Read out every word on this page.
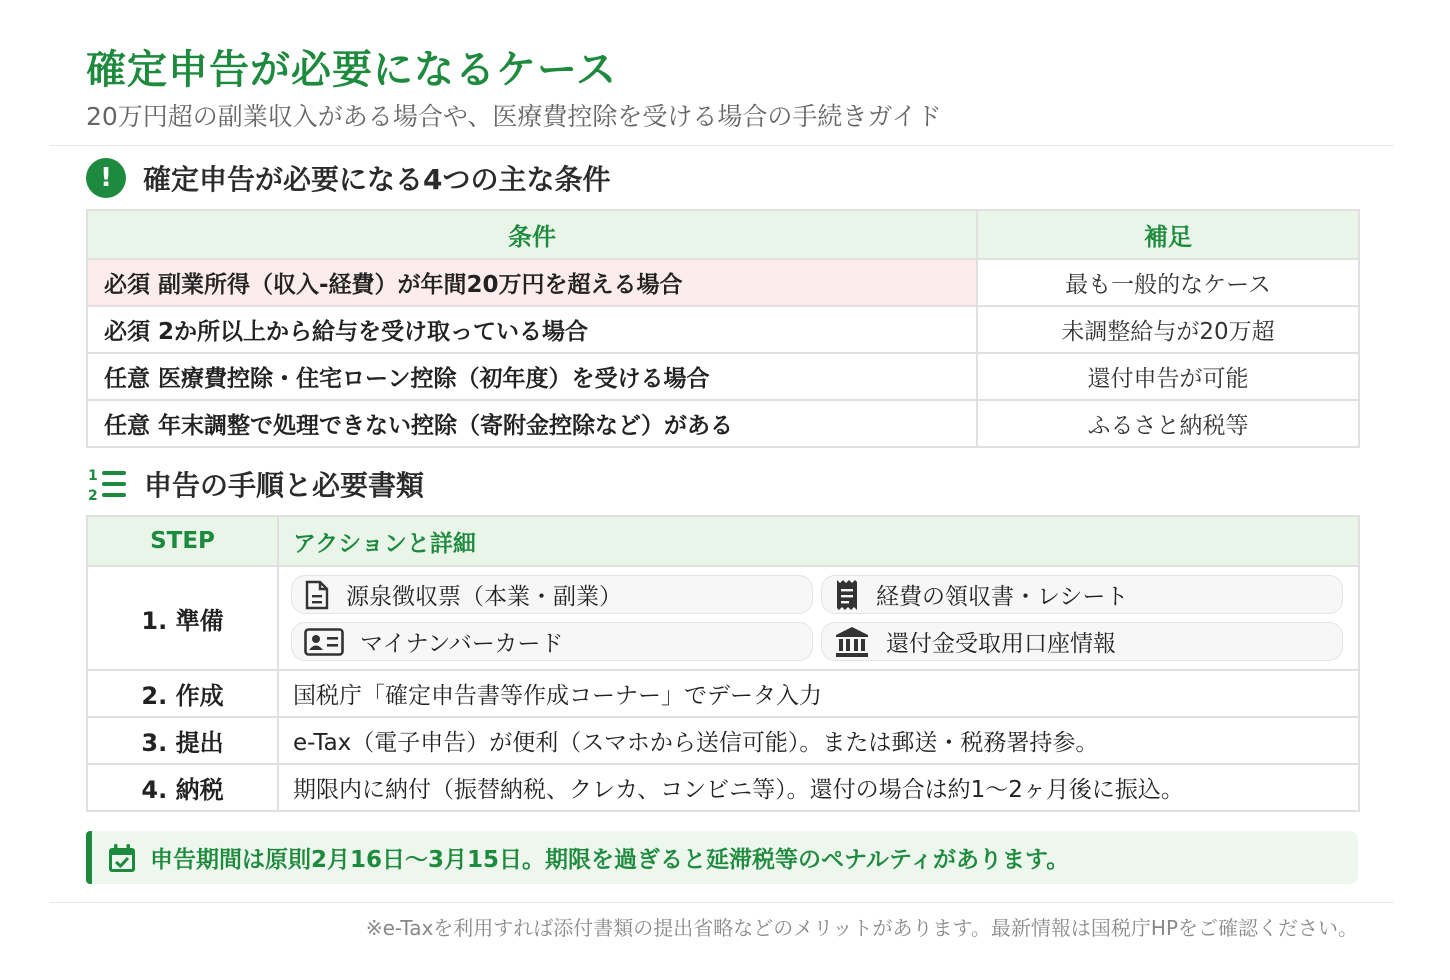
確定申告が必要になるケース
20万円超の副業収入がある場合や、医療費控除を受ける場合の手続きガイド
!	確定申告が必要になる4つの主な条件
条件	補足
必須 副業所得（収入-経費）が年間20万円を超える場合	最も一般的なケース
必須 2か所以上から給与を受け取っている場合	未調整給与が20万超
任意 医療費控除・住宅ローン控除（初年度）を受ける場合	還付申告が可能
任意 年末調整で処理できない控除（寄附金控除など）がある	ふるさと納税等
1
2 申告の手順と必要書類
STEP	アクションと詳細
1. 準備	源泉徴収票（本業・副業） 経費の領収書・レシート
マイナンバーカード 還付金受取用口座情報

2. 作成	国税庁「確定申告書等作成コーナー」でデータ入力
3. 提出	e-Tax（電子申告）が便利（スマホから送信可能）。または郵送・税務署持参。
4. 納税	期限内に納付（振替納税、クレカ、コンビニ等）。還付の場合は約1〜2ヶ月後に振込。
申告期間は原則2月16日〜3月15日。期限を過ぎると延滞税等のペナルティがあります。
※e-Taxを利用すれば添付書類の提出省略などのメリットがあります。最新情報は国税庁HPをご確認ください。
